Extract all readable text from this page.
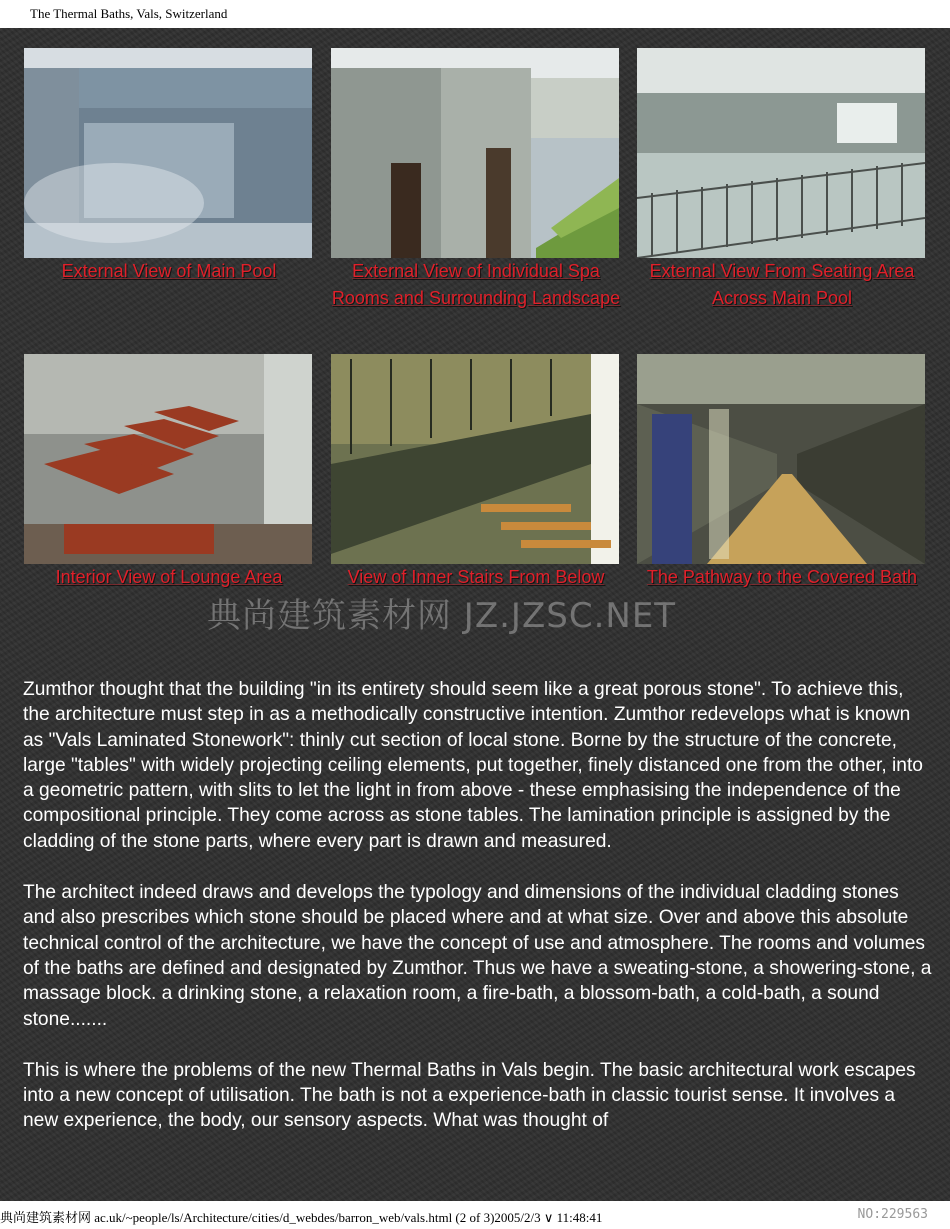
The Thermal Baths, Vals, Switzerland
External View of Main Pool	External View of Individual Spa Rooms and Surrounding Landscape
External View From Seating Area Across Main Pool
Interior View of Lounge Area	View of Inner Stairs From Below	The Pathway to the Covered Bath
典尚建筑素材网 JZ.JZSC.NET

Zumthor thought that the building "in its entirety should seem like a great porous stone". To achieve this, the architecture must step in as a methodically constructive intention. Zumthor redevelops what is known as "Vals Laminated Stonework": thinly cut section of local stone. Borne by the structure of the concrete, large "tables" with widely projecting ceiling elements, put together, finely distanced one from the other, into a geometric pattern, with slits to let the light in from above - these emphasising the independence of the compositional principle. They come across as stone tables. The lamination principle is assigned by the cladding of the stone parts, where every part is drawn and measured.

The architect indeed draws and develops the typology and dimensions of the individual cladding stones and also prescribes which stone should be placed where and at what size. Over and above this absolute technical control of the architecture, we have the concept of use and atmosphere. The rooms and volumes of the baths are defined and designated by Zumthor. Thus we have a sweating-stone, a showering-stone, a massage block. a drinking stone, a relaxation room, a fire-bath, a blossom-bath, a cold-bath, a sound stone.......

This is where the problems of the new Thermal Baths in Vals begin. The basic architectural work escapes into a new concept of utilisation. The bath is not a experience-bath in classic tourist sense. It involves a new experience, the body, our sensory aspects. What was thought of

典尚建筑素材网 ac.uk/~people/ls/Architecture/cities/d_webdes/barron_web/vals.html (2 of 3)2005/2/3 ∨ 11:48:41	NO:229563
